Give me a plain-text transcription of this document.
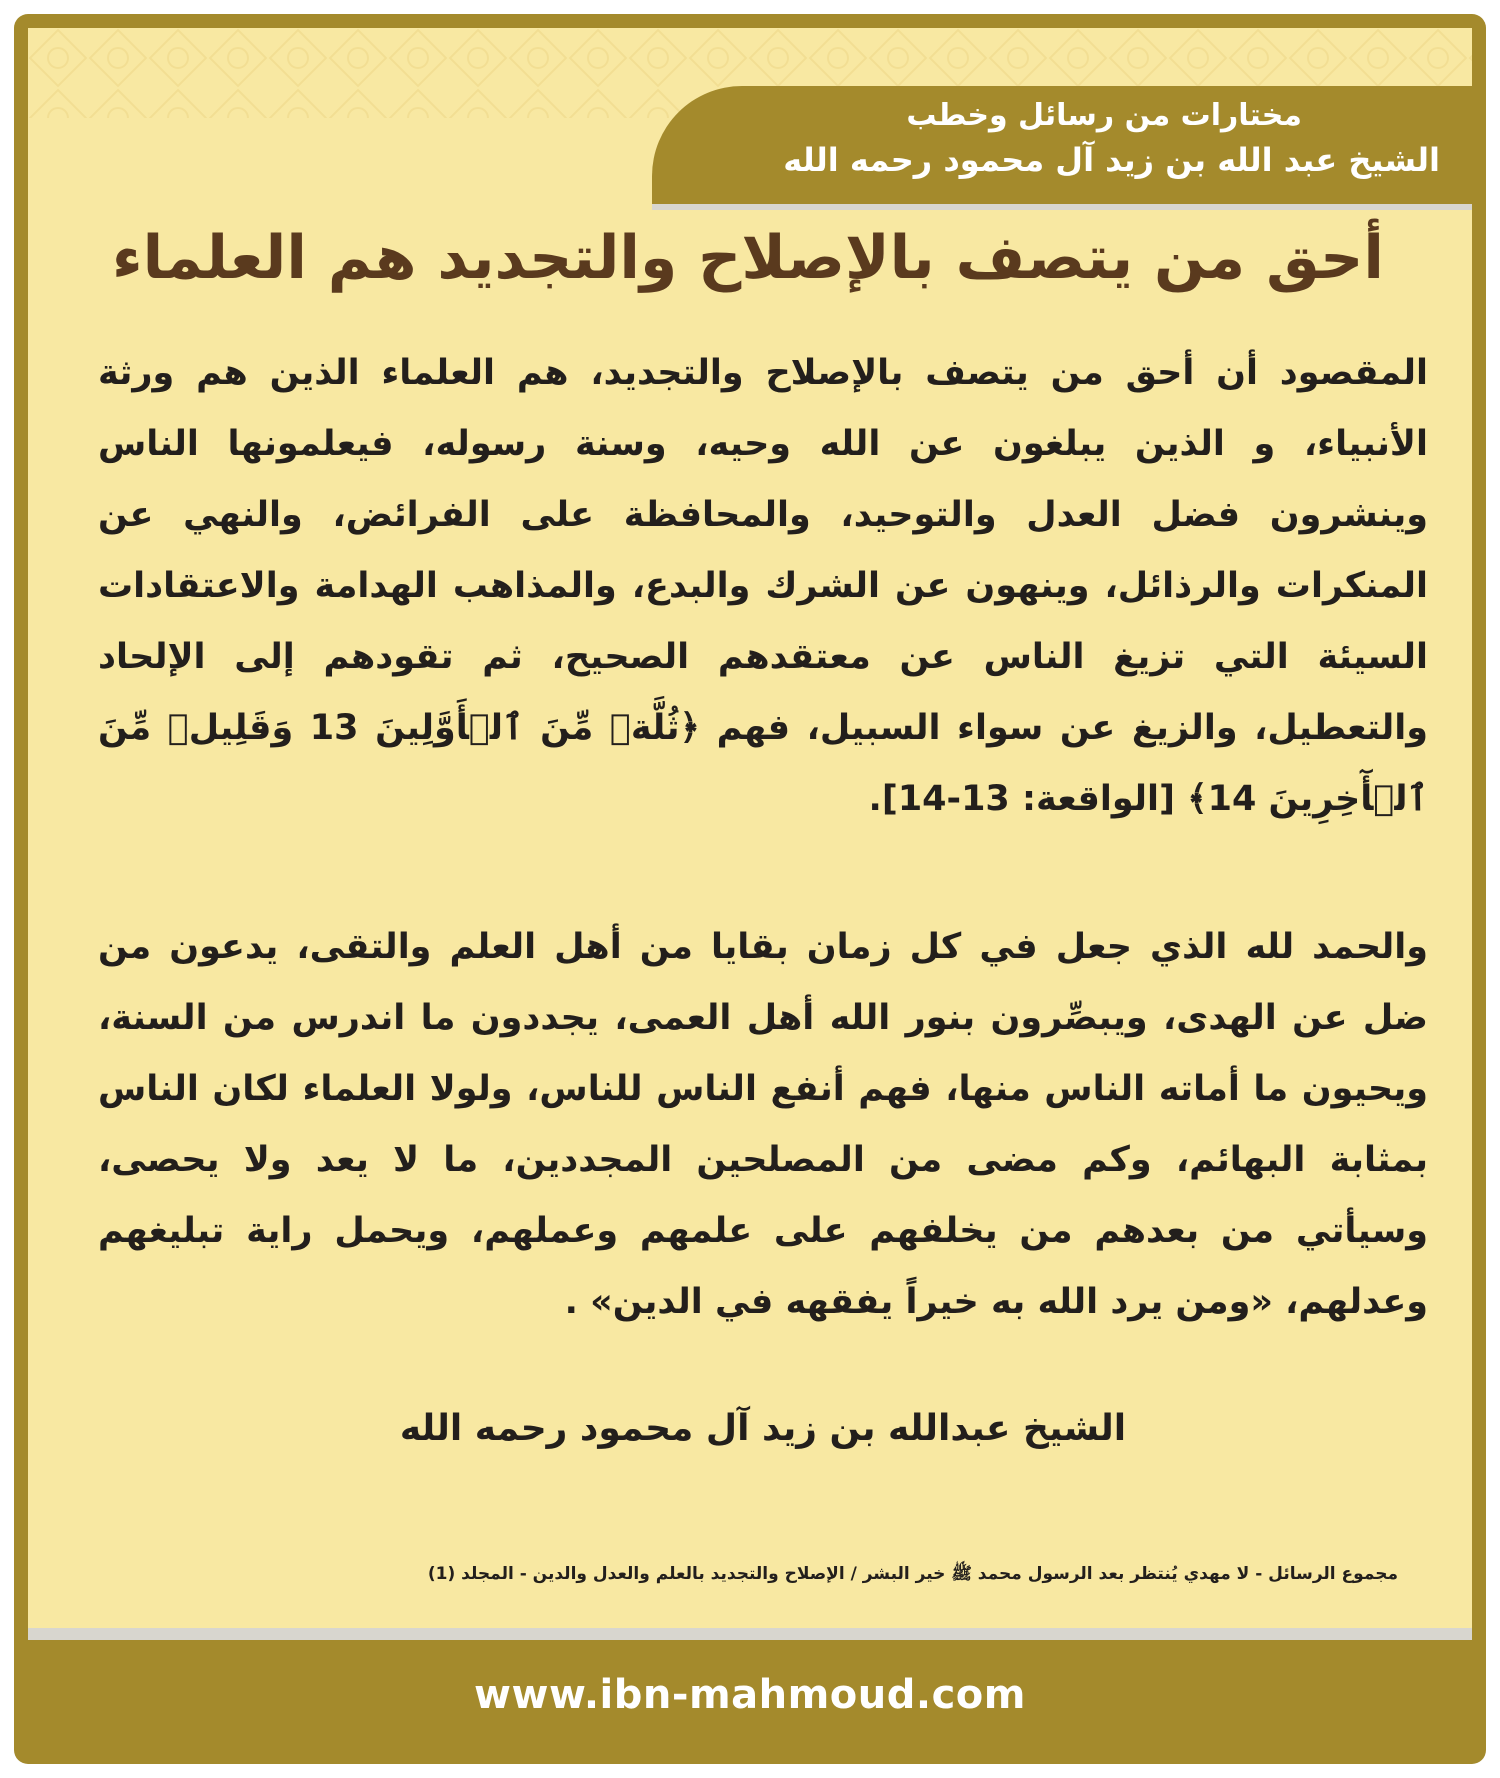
مختارات من رسائل وخطب
الشيخ عبد الله بن زيد آل محمود رحمه الله
أحق من يتصف بالإصلاح والتجديد هم العلماء
المقصود أن أحق من يتصف بالإصلاح والتجديد، هم العلماء الذين هم ورثة الأنبياء، و الذين يبلغون عن الله وحيه، وسنة رسوله، فيعلمونها الناس وينشرون فضل العدل والتوحيد، والمحافظة على الفرائض، والنهي عن المنكرات والرذائل، وينهون عن الشرك والبدع، والمذاهب الهدامة والاعتقادات السيئة التي تزيغ الناس عن معتقدهم الصحيح، ثم تقودهم إلى الإلحاد والتعطيل، والزيغ عن سواء السبيل، فهم ﴿ثُلَّةٞ مِّنَ ٱلۡأَوَّلِينَ 13 وَقَلِيلٞ مِّنَ ٱلۡأٓخِرِينَ 14﴾ [الواقعة: 13-14].
والحمد لله الذي جعل في كل زمان بقايا من أهل العلم والتقى، يدعون من ضل عن الهدى، ويبصِّرون بنور الله أهل العمى، يجددون ما اندرس من السنة، ويحيون ما أماته الناس منها، فهم أنفع الناس للناس، ولولا العلماء لكان الناس بمثابة البهائم، وكم مضى من المصلحين المجددين، ما لا يعد ولا يحصى، وسيأتي من بعدهم من يخلفهم على علمهم وعملهم، ويحمل راية تبليغهم وعدلهم، «ومن يرد الله به خيراً يفقهه في الدين» .
الشيخ عبدالله بن زيد آل محمود رحمه الله
مجموع الرسائل - لا مهدي يُنتظر بعد الرسول محمد ﷺ خير البشر / الإصلاح والتجديد بالعلم والعدل والدين - المجلد (1)
www.ibn-mahmoud.com
